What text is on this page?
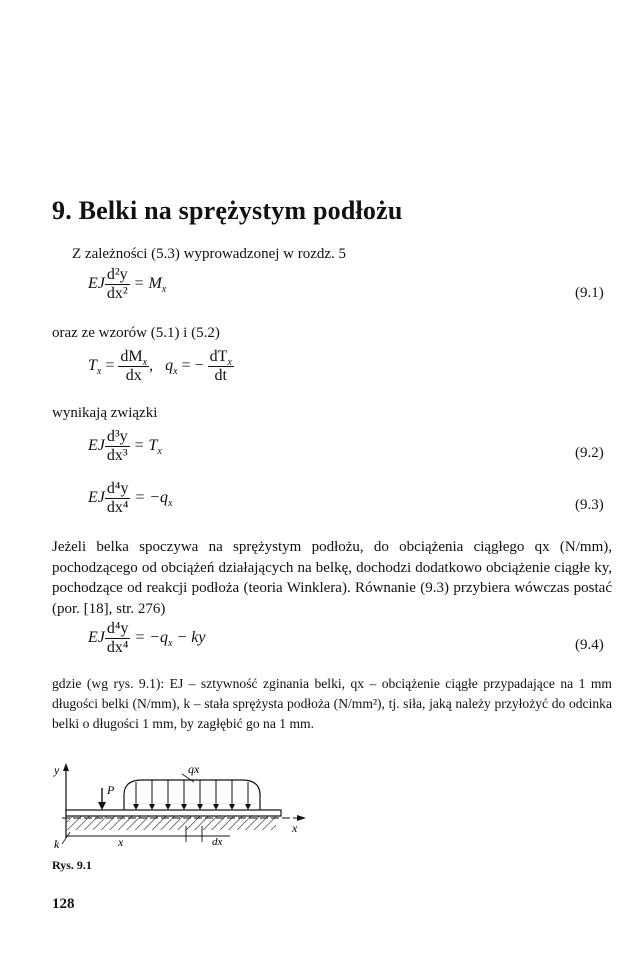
9. Belki na sprężystym podłożu
Z zależności (5.3) wyprowadzonej w rozdz. 5
EJ $\frac{\text{d²y}}{\text{dx²}} = M_x$	(9.1)
oraz ze wzorów (5.1) i (5.2)
$T_x = \frac{dM_x}{dx}$ , $q_x$ = − $\frac{dT_x}{dt}$
wynikają związki
EJ $\frac{\text{d³y}}{\text{dx³}} = T_x$	(9.2)
EJ $\frac{\text{d⁴y}}{\text{dx⁴}} = -q_x$	(9.3)
Jeżeli belka spoczywa na sprężystym podłożu, do obciążenia ciągłego qx (N/mm), pochodzącego od obciążeń działających na belkę, dochodzi dodatkowo obciążenie ciągłe ky, pochodzące od reakcji podłoża (teoria Winklera). Równanie (9.3) przybiera wówczas postać (por. [18], str. 276)
EJ $\frac{\text{d⁴y}}{\text{dx⁴}} = -q_x$ − ky	(9.4)
gdzie (wg rys. 9.1): EJ – sztywność zginania belki, qx – obciążenie ciągłe przypadające na 1 mm długości belki (N/mm), k – stała sprężysta podłoża (N/mm²), tj. siła, jaką należy przyłożyć do odcinka belki o długości 1 mm, by zagłębić go na 1 mm.
y
x
P
qx
x	dx
k
Rys. 9.1
128
